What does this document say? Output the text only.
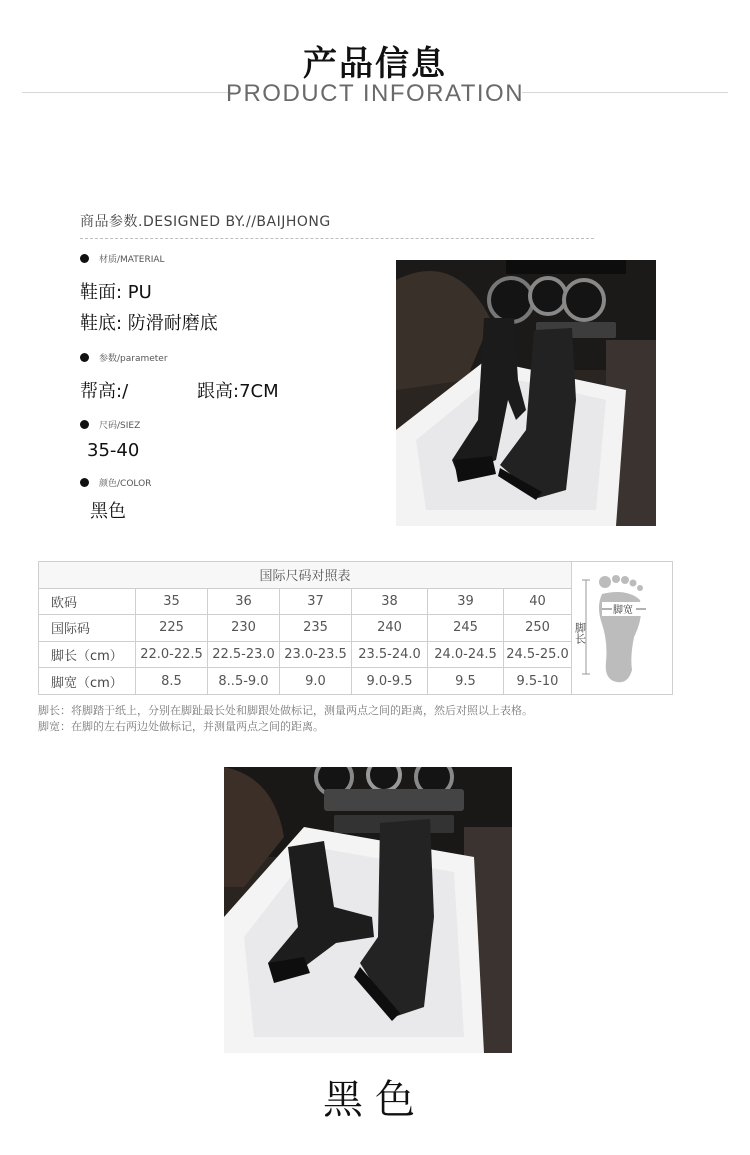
产品信息
PRODUCT INFORATION
商品参数.DESIGNED BY.//BAIJHONG
材质/MATERIAL
鞋面: PU
鞋底: 防滑耐磨底
参数/parameter
帮高:/	跟高:7CM
尺码/SIEZ
35-40
颜色/COLOR
黑色
国际尺码对照表							脚长
脚宽

欧码	35	36	37	38	39	40	
国际码	225	230	235	240	245	250	
脚长（cm）	22.0-22.5	22.5-23.0	23.0-23.5	23.5-24.0	24.0-24.5	24.5-25.0	
脚宽（cm）	8.5	8..5-9.0	9.0	9.0-9.5	9.5	9.5-10	
脚长：将脚踏于纸上，分别在脚趾最长处和脚跟处做标记，测量两点之间的距离，然后对照以上表格。
脚宽：在脚的左右两边处做标记，并测量两点之间的距离。
黑色
